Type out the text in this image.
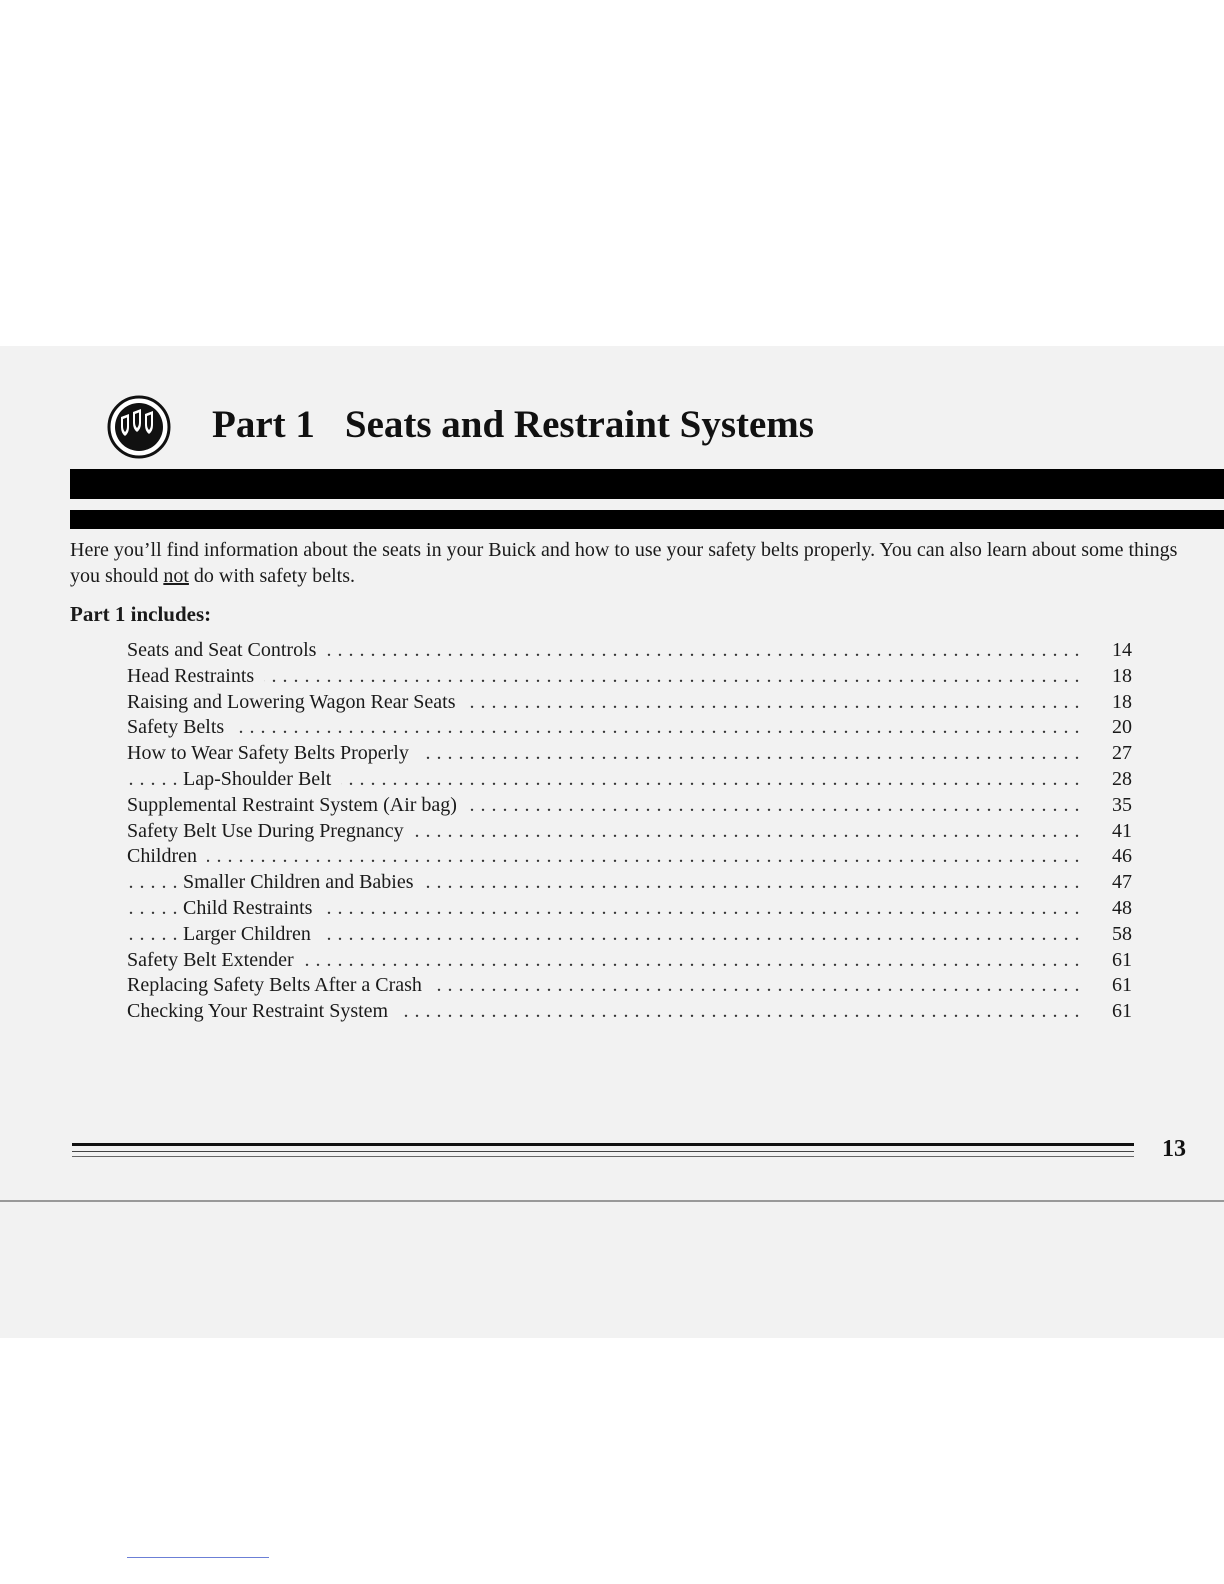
Part 1 Seats and Restraint Systems

Here you’ll find information about the seats in your Buick and how to use your safety belts properly. You can also learn about some things you should not do with safety belts.

Part 1 includes:

. . . Seats and Seat Controls	14
. . . Head Restraints	18
. . . Raising and Lowering Wagon Rear Seats	18
. . . Safety Belts	20
. . . How to Wear Safety Belts Properly	27
. . . Lap-Shoulder Belt	28
. . . Supplemental Restraint System (Air bag)	35
. . . Safety Belt Use During Pregnancy	41
. . . Children	46
. . . Smaller Children and Babies	47
. . . Child Restraints	48
. . . Larger Children	58
. . . Safety Belt Extender	61
. . . Replacing Safety Belts After a Crash	61
. . . Checking Your Restraint System	61
13
